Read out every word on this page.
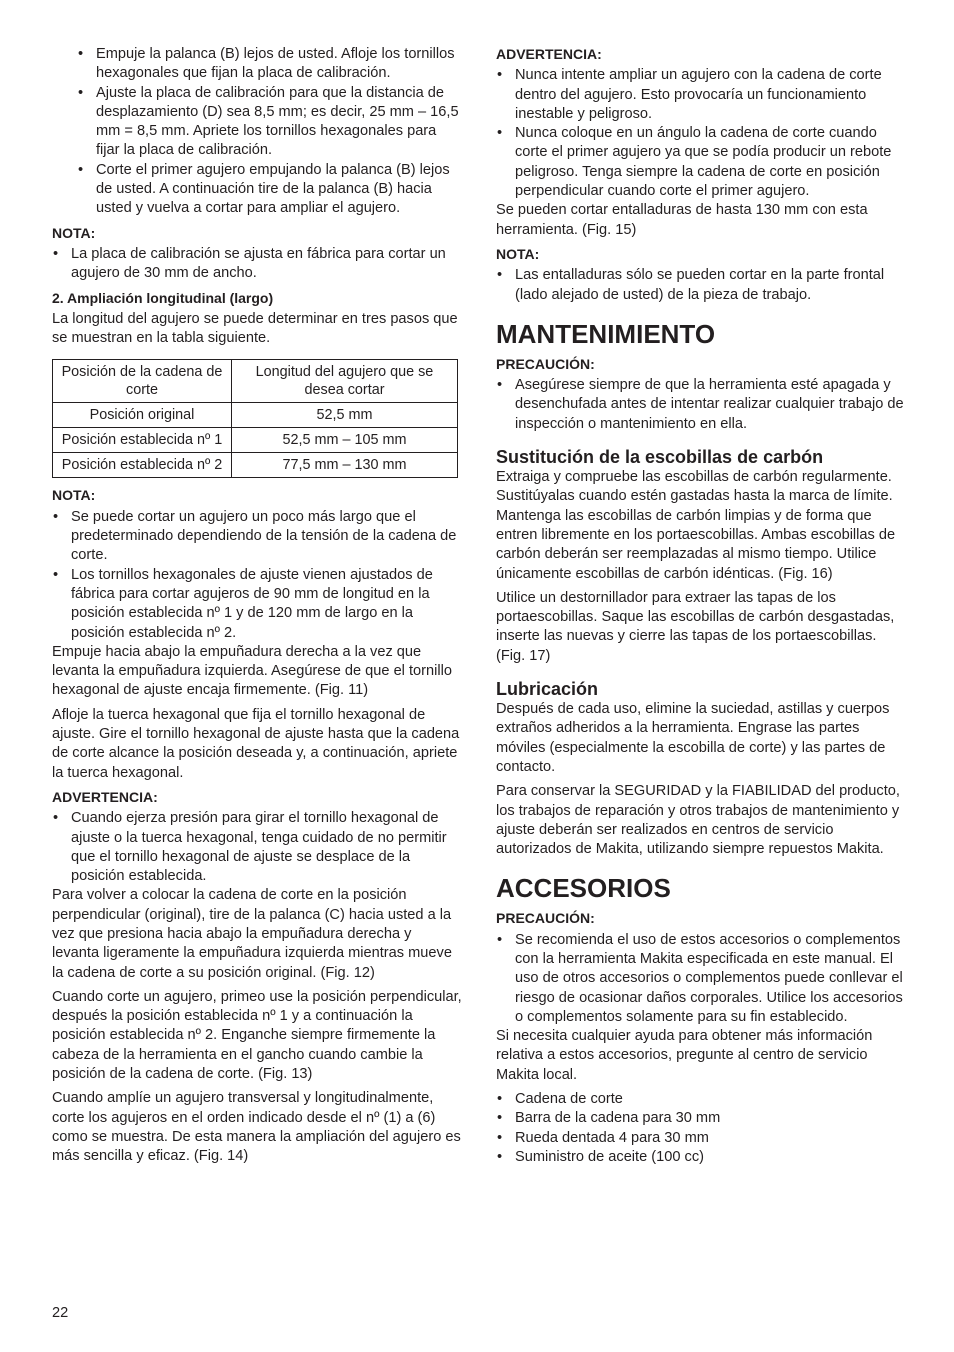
• Empuje la palanca (B) lejos de usted. Afloje los tornillos hexagonales que fijan la placa de calibración.
• Ajuste la placa de calibración para que la distancia de desplazamiento (D) sea 8,5 mm; es decir, 25 mm – 16,5 mm = 8,5 mm. Apriete los tornillos hexagonales para fijar la placa de calibración.
• Corte el primer agujero empujando la palanca (B) lejos de usted. A continuación tire de la palanca (B) hacia usted y vuelva a cortar para ampliar el agujero.
NOTA:
• La placa de calibración se ajusta en fábrica para cortar un agujero de 30 mm de ancho.
2. Ampliación longitudinal (largo)

La longitud del agujero se puede determinar en tres pasos que se muestran en la tabla siguiente.

Posición de la cadena de corte	Longitud del agujero que se desea cortar
Posición original	52,5 mm
Posición establecida nº 1	52,5 mm – 105 mm
Posición establecida nº 2	77,5 mm – 130 mm
NOTA:
• Se puede cortar un agujero un poco más largo que el predeterminado dependiendo de la tensión de la cadena de corte.
• Los tornillos hexagonales de ajuste vienen ajustados de fábrica para cortar agujeros de 90 mm de longitud en la posición establecida nº 1 y de 120 mm de largo en la posición establecida nº 2.

Empuje hacia abajo la empuñadura derecha a la vez que levanta la empuñadura izquierda. Asegúrese de que el tornillo hexagonal de ajuste encaja firmemente. (Fig. 11)

Afloje la tuerca hexagonal que fija el tornillo hexagonal de ajuste. Gire el tornillo hexagonal de ajuste hasta que la cadena de corte alcance la posición deseada y, a continuación, apriete la tuerca hexagonal.

ADVERTENCIA:
• Cuando ejerza presión para girar el tornillo hexagonal de ajuste o la tuerca hexagonal, tenga cuidado de no permitir que el tornillo hexagonal de ajuste se desplace de la posición establecida.

Para volver a colocar la cadena de corte en la posición perpendicular (original), tire de la palanca (C) hacia usted a la vez que presiona hacia abajo la empuñadura derecha y levanta ligeramente la empuñadura izquierda mientras mueve la cadena de corte a su posición original. (Fig. 12)

Cuando corte un agujero, primeo use la posición perpendicular, después la posición establecida nº 1 y a continuación la posición establecida nº 2. Enganche siempre firmemente la cabeza de la herramienta en el gancho cuando cambie la posición de la cadena de corte. (Fig. 13)

Cuando amplíe un agujero transversal y longitudinalmente, corte los agujeros en el orden indicado desde el nº (1) a (6) como se muestra. De esta manera la ampliación del agujero es más sencilla y eficaz. (Fig. 14)

ADVERTENCIA:
• Nunca intente ampliar un agujero con la cadena de corte dentro del agujero. Esto provocaría un funcionamiento inestable y peligroso.
• Nunca coloque en un ángulo la cadena de corte cuando corte el primer agujero ya que se podía producir un rebote peligroso. Tenga siempre la cadena de corte en posición perpendicular cuando corte el primer agujero.

Se pueden cortar entalladuras de hasta 130 mm con esta herramienta. (Fig. 15)

NOTA:
• Las entalladuras sólo se pueden cortar en la parte frontal (lado alejado de usted) de la pieza de trabajo.
MANTENIMIENTO
PRECAUCIÓN:
• Asegúrese siempre de que la herramienta esté apagada y desenchufada antes de intentar realizar cualquier trabajo de inspección o mantenimiento en ella.
Sustitución de la escobillas de carbón

Extraiga y compruebe las escobillas de carbón regularmente. Sustitúyalas cuando estén gastadas hasta la marca de límite. Mantenga las escobillas de carbón limpias y de forma que entren libremente en los portaescobillas. Ambas escobillas de carbón deberán ser reemplazadas al mismo tiempo. Utilice únicamente escobillas de carbón idénticas. (Fig. 16)

Utilice un destornillador para extraer las tapas de los portaescobillas. Saque las escobillas de carbón desgastadas, inserte las nuevas y cierre las tapas de los portaescobillas. (Fig. 17)

Lubricación

Después de cada uso, elimine la suciedad, astillas y cuerpos extraños adheridos a la herramienta. Engrase las partes móviles (especialmente la escobilla de corte) y las partes de contacto.

Para conservar la SEGURIDAD y la FIABILIDAD del producto, los trabajos de reparación y otros trabajos de mantenimiento y ajuste deberán ser realizados en centros de servicio autorizados de Makita, utilizando siempre repuestos Makita.

ACCESORIOS
PRECAUCIÓN:
• Se recomienda el uso de estos accesorios o complementos con la herramienta Makita especificada en este manual. El uso de otros accesorios o complementos puede conllevar el riesgo de ocasionar daños corporales. Utilice los accesorios o complementos solamente para su fin establecido.

Si necesita cualquier ayuda para obtener más información relativa a estos accesorios, pregunte al centro de servicio Makita local.

• Cadena de corte
• Barra de la cadena para 30 mm
• Rueda dentada 4 para 30 mm
• Suministro de aceite (100 cc)
22
